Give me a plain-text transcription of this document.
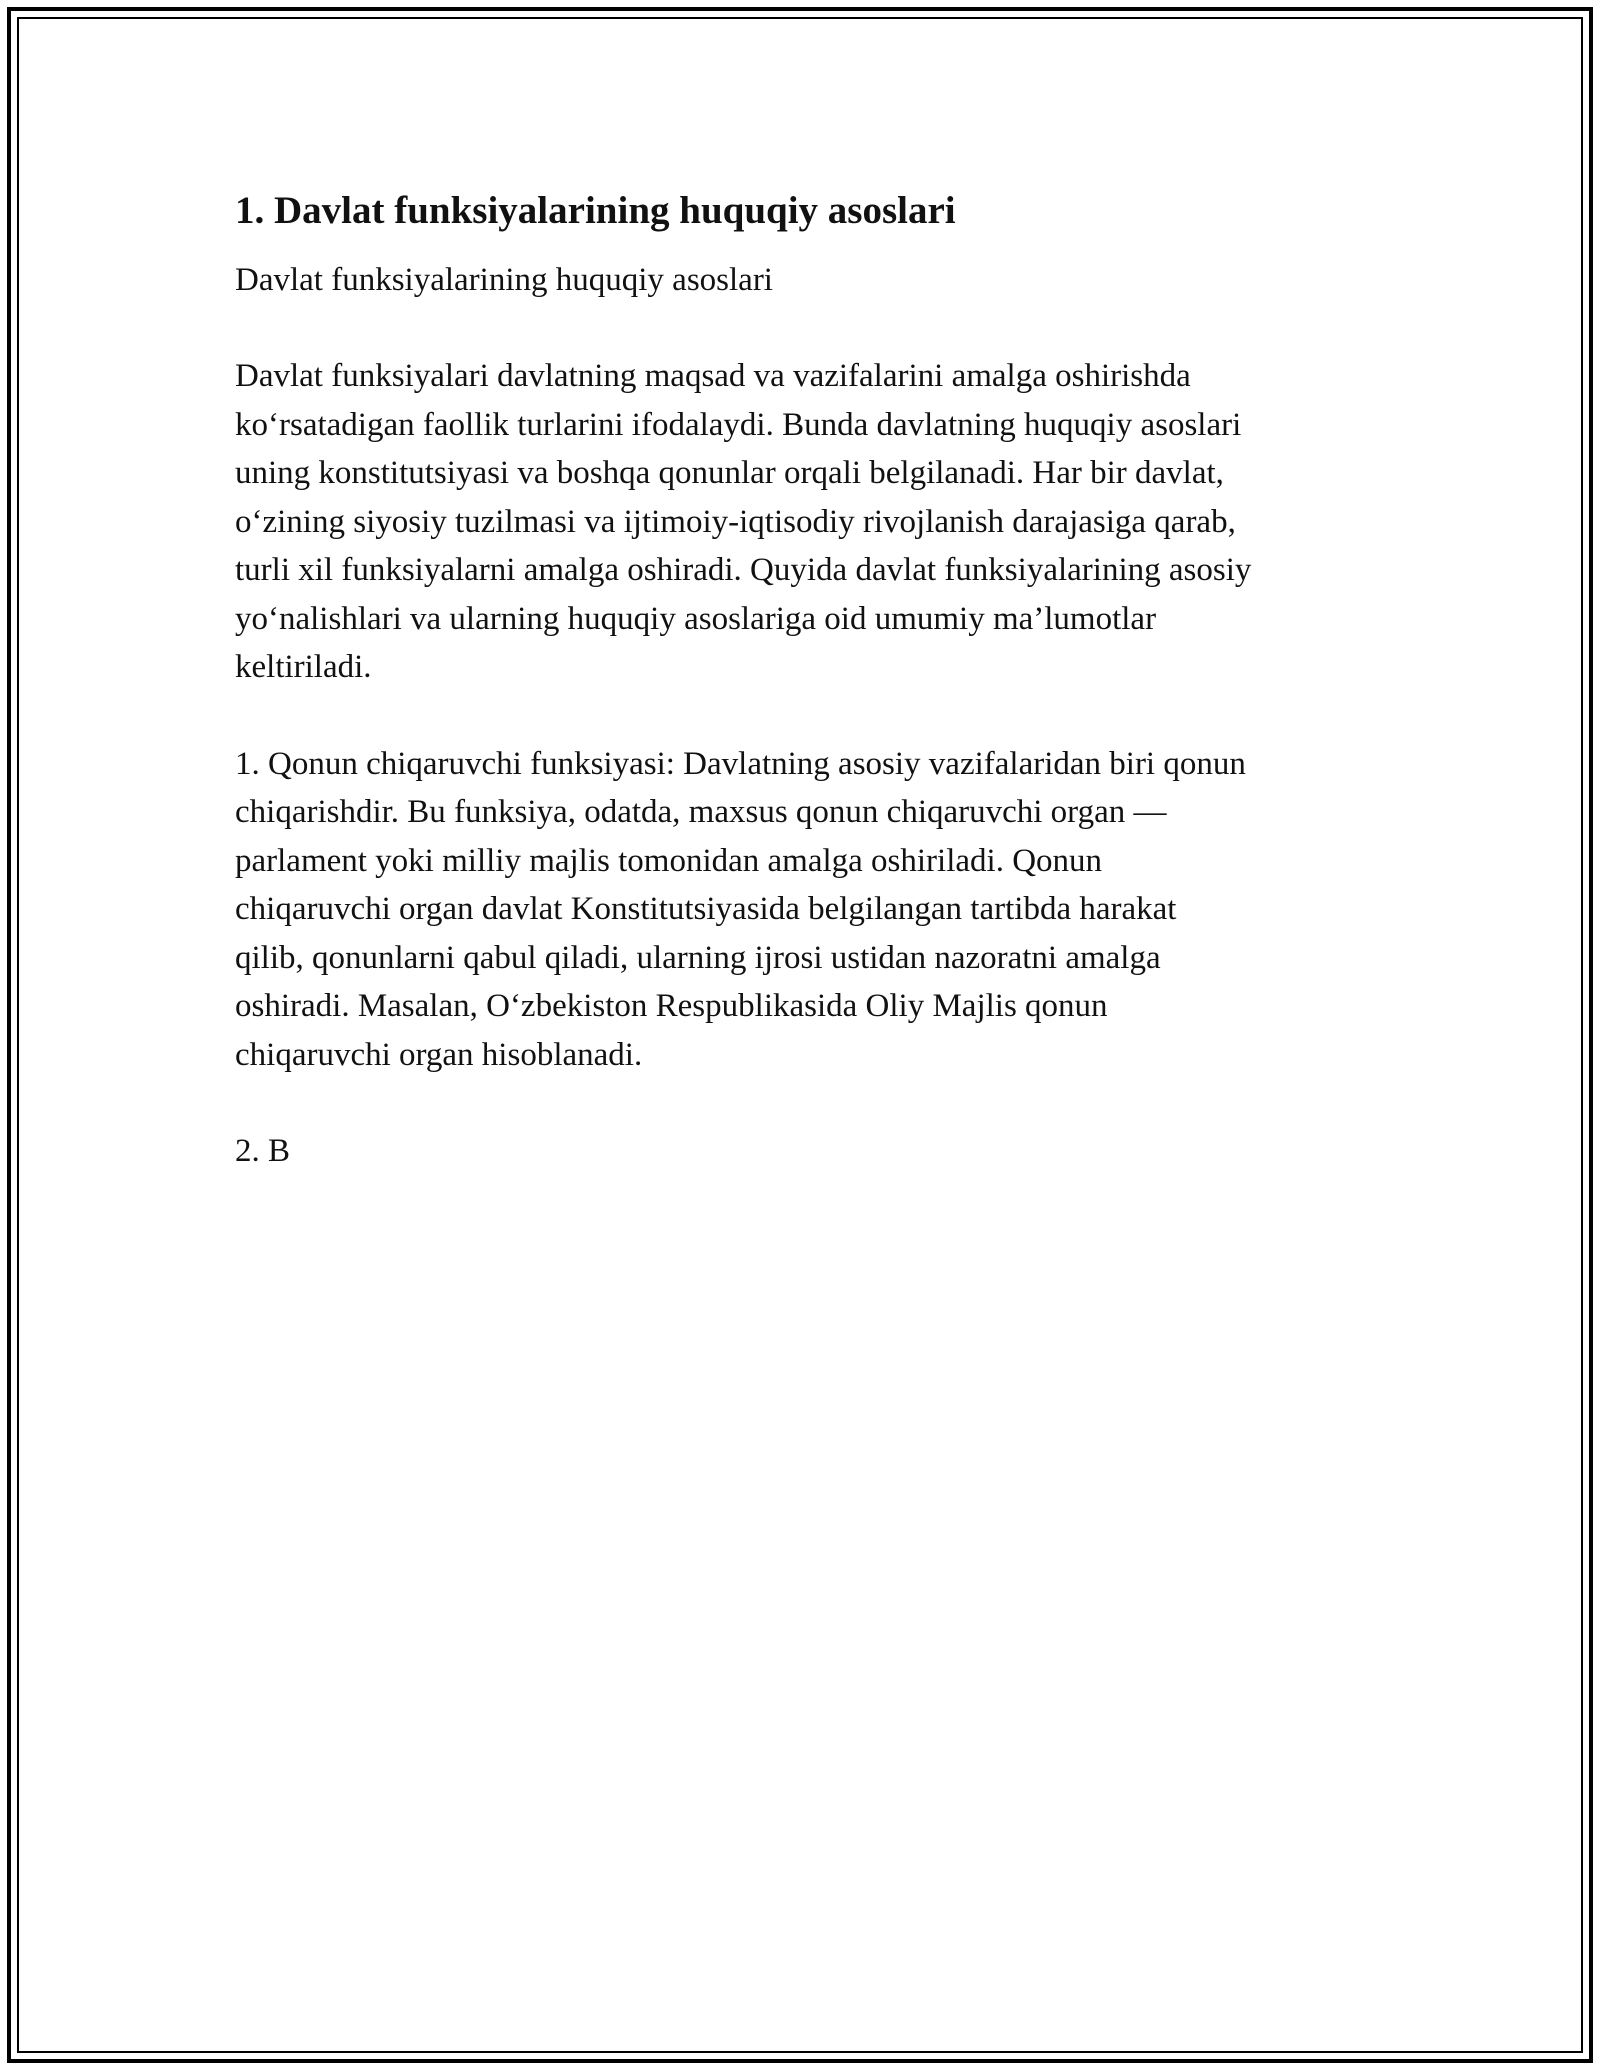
1. Davlat funksiyalarining huquqiy asoslari

Davlat funksiyalarining huquqiy asoslari

Davlat funksiyalari davlatning maqsad va vazifalarini amalga oshirishda
ko‘rsatadigan faollik turlarini ifodalaydi. Bunda davlatning huquqiy asoslari
uning konstitutsiyasi va boshqa qonunlar orqali belgilanadi. Har bir davlat,
o‘zining siyosiy tuzilmasi va ijtimoiy-iqtisodiy rivojlanish darajasiga qarab,
turli xil funksiyalarni amalga oshiradi. Quyida davlat funksiyalarining asosiy
yo‘nalishlari va ularning huquqiy asoslariga oid umumiy ma’lumotlar
keltiriladi.

1. Qonun chiqaruvchi funksiyasi: Davlatning asosiy vazifalaridan biri qonun
chiqarishdir. Bu funksiya, odatda, maxsus qonun chiqaruvchi organ —
parlament yoki milliy majlis tomonidan amalga oshiriladi. Qonun
chiqaruvchi organ davlat Konstitutsiyasida belgilangan tartibda harakat
qilib, qonunlarni qabul qiladi, ularning ijrosi ustidan nazoratni amalga
oshiradi. Masalan, O‘zbekiston Respublikasida Oliy Majlis qonun
chiqaruvchi organ hisoblanadi.

2. B
